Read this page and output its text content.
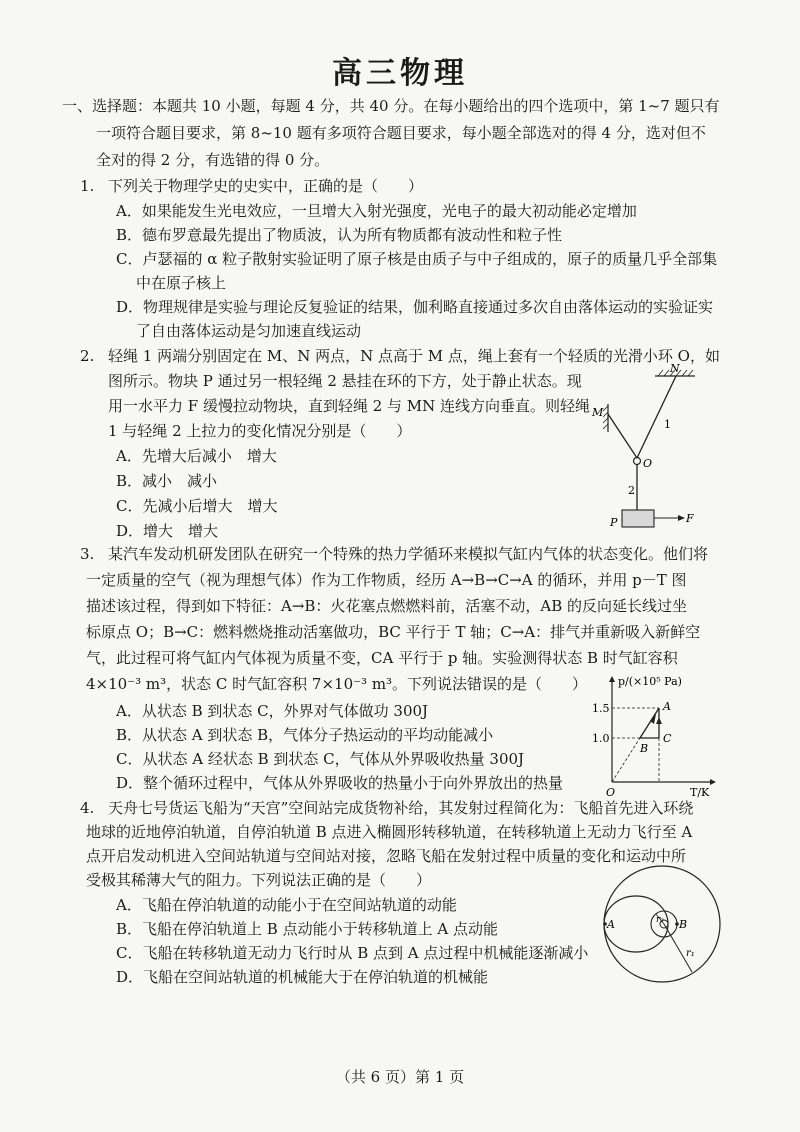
高三物理
一、选择题：本题共 10 小题，每题 4 分，共 40 分。在每小题给出的四个选项中，第 1~7 题只有
一项符合题目要求，第 8~10 题有多项符合题目要求，每小题全部选对的得 4 分，选对但不
全对的得 2 分，有选错的得 0 分。
1. 下列关于物理学史的史实中，正确的是（　　）
A．如果能发生光电效应，一旦增大入射光强度，光电子的最大初动能必定增加
B．德布罗意最先提出了物质波，认为所有物质都有波动性和粒子性
C．卢瑟福的 α 粒子散射实验证明了原子核是由质子与中子组成的，原子的质量几乎全部集
中在原子核上
D．物理规律是实验与理论反复验证的结果，伽利略直接通过多次自由落体运动的实验证实
了自由落体运动是匀加速直线运动
2. 轻绳 1 两端分别固定在 M、N 两点，N 点高于 M 点，绳上套有一个轻质的光滑小环 O，如
图所示。物块 P 通过另一根轻绳 2 悬挂在环的下方，处于静止状态。现
用一水平力 F 缓慢拉动物块，直到轻绳 2 与 MN 连线方向垂直。则轻绳
1 与轻绳 2 上拉力的变化情况分别是（　　）
A．先增大后减小　增大
B．减小　减小
C．先减小后增大　增大
D．增大　增大
N
M
1
O
2
P	F
3. 某汽车发动机研发团队在研究一个特殊的热力学循环来模拟气缸内气体的状态变化。他们将
一定质量的空气（视为理想气体）作为工作物质，经历 A→B→C→A 的循环，并用 p－T 图
描述该过程，得到如下特征：A→B：火花塞点燃燃料前，活塞不动，AB 的反向延长线过坐
标原点 O；B→C：燃料燃烧推动活塞做功，BC 平行于 T 轴；C→A：排气并重新吸入新鲜空
气，此过程可将气缸内气体视为质量不变，CA 平行于 p 轴。实验测得状态 B 时气缸容积
4×10⁻³ m³，状态 C 时气缸容积 7×10⁻³ m³。下列说法错误的是（　　）
A．从状态 B 到状态 C，外界对气体做功 300J
B．从状态 A 到状态 B，气体分子热运动的平均动能减小
C．从状态 A 经状态 B 到状态 C，气体从外界吸收热量 300J
D．整个循环过程中，气体从外界吸收的热量小于向外界放出的热量
p/(×10⁵ Pa)
T/K
O
1.5
1.0
A
B
C
4. 天舟七号货运飞船为“天宫”空间站完成货物补给，其发射过程简化为：飞船首先进入环绕
地球的近地停泊轨道，自停泊轨道 B 点进入椭圆形转移轨道，在转移轨道上无动力飞行至 A
点开启发动机进入空间站轨道与空间站对接，忽略飞船在发射过程中质量的变化和运动中所
受极其稀薄大气的阻力。下列说法正确的是（　　）
A．飞船在停泊轨道的动能小于在空间站轨道的动能
B．飞船在停泊轨道上 B 点动能小于转移轨道上 A 点动能
C．飞船在转移轨道无动力飞行时从 B 点到 A 点过程中机械能逐渐减小
D．飞船在空间站轨道的机械能大于在停泊轨道的机械能
A	B
r₁
r₂
（共 6 页）第 1 页
